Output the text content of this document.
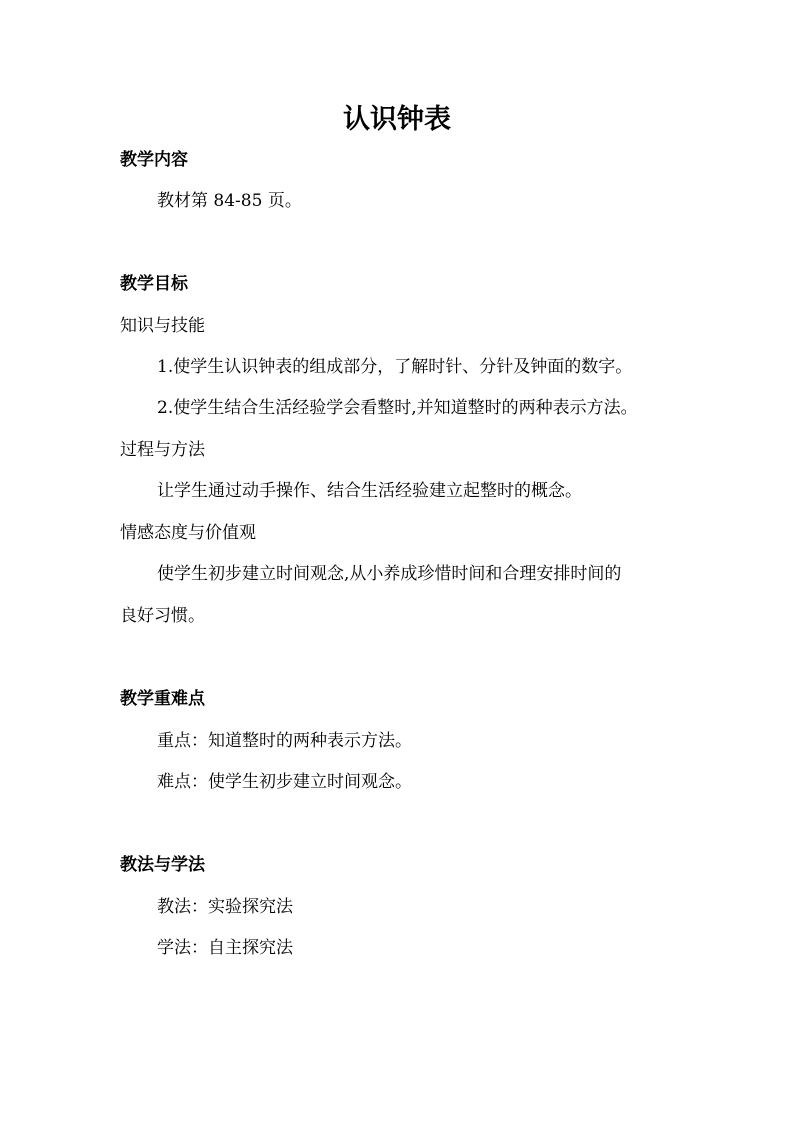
认识钟表
教学内容
教材第 84-85 页。
教学目标
知识与技能
1.使学生认识钟表的组成部分，了解时针、分针及钟面的数字。
2.使学生结合生活经验学会看整时,并知道整时的两种表示方法。
过程与方法
让学生通过动手操作、结合生活经验建立起整时的概念。
情感态度与价值观
使学生初步建立时间观念,从小养成珍惜时间和合理安排时间的
良好习惯。
教学重难点
重点：知道整时的两种表示方法。
难点：使学生初步建立时间观念。
教法与学法
教法：实验探究法
学法：自主探究法
